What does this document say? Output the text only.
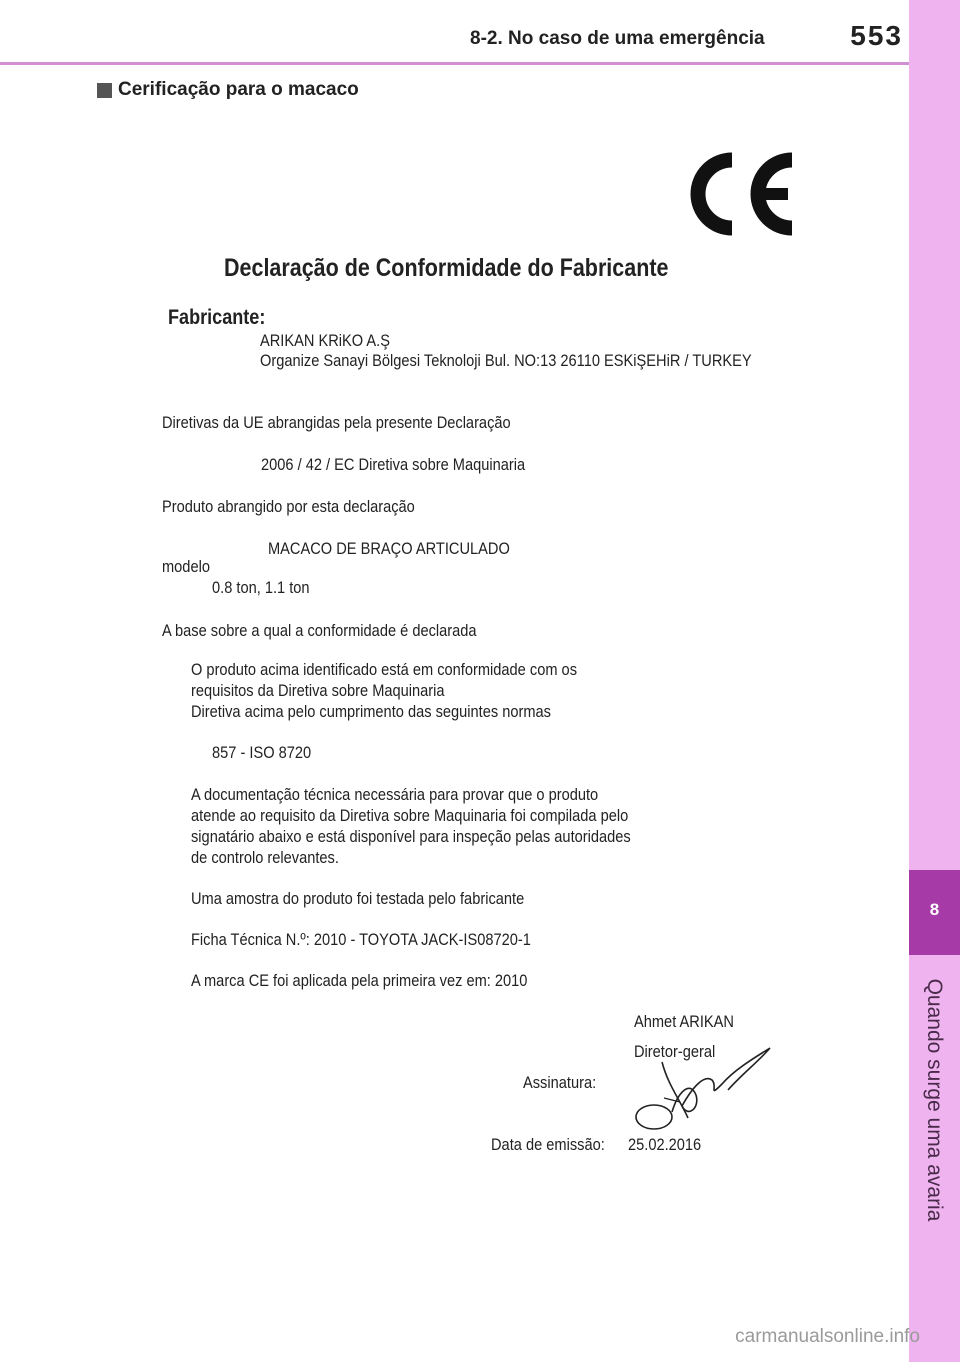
8
Quando surge uma avaria
8-2. No caso de uma emergência	553
Cerificação para o macaco
Declaração de Conformidade do Fabricante
Fabricante:
ARIKAN KRiKO A.Ş
Organize Sanayi Bölgesi Teknoloji Bul. NO:13 26110 ESKiŞEHiR / TURKEY
Diretivas da UE abrangidas pela presente Declaração
2006 / 42 / EC Diretiva sobre Maquinaria
Produto abrangido por esta declaração
MACACO DE BRAÇO ARTICULADO
modelo
0.8 ton, 1.1 ton
A base sobre a qual a conformidade é declarada
O produto acima identificado está em conformidade com os
requisitos da Diretiva sobre Maquinaria
Diretiva acima pelo cumprimento das seguintes normas
857 - ISO 8720
A documentação técnica necessária para provar que o produto
atende ao requisito da Diretiva sobre Maquinaria foi compilada pelo
signatário abaixo e está disponível para inspeção pelas autoridades
de controlo relevantes.
Uma amostra do produto foi testada pelo fabricante
Ficha Técnica N.º: 2010 - TOYOTA JACK-IS08720-1
A marca CE foi aplicada pela primeira vez em: 2010
Ahmet ARIKAN
Diretor-geral
Assinatura:
Data de emissão: 25.02.2016
carmanualsonline.info
